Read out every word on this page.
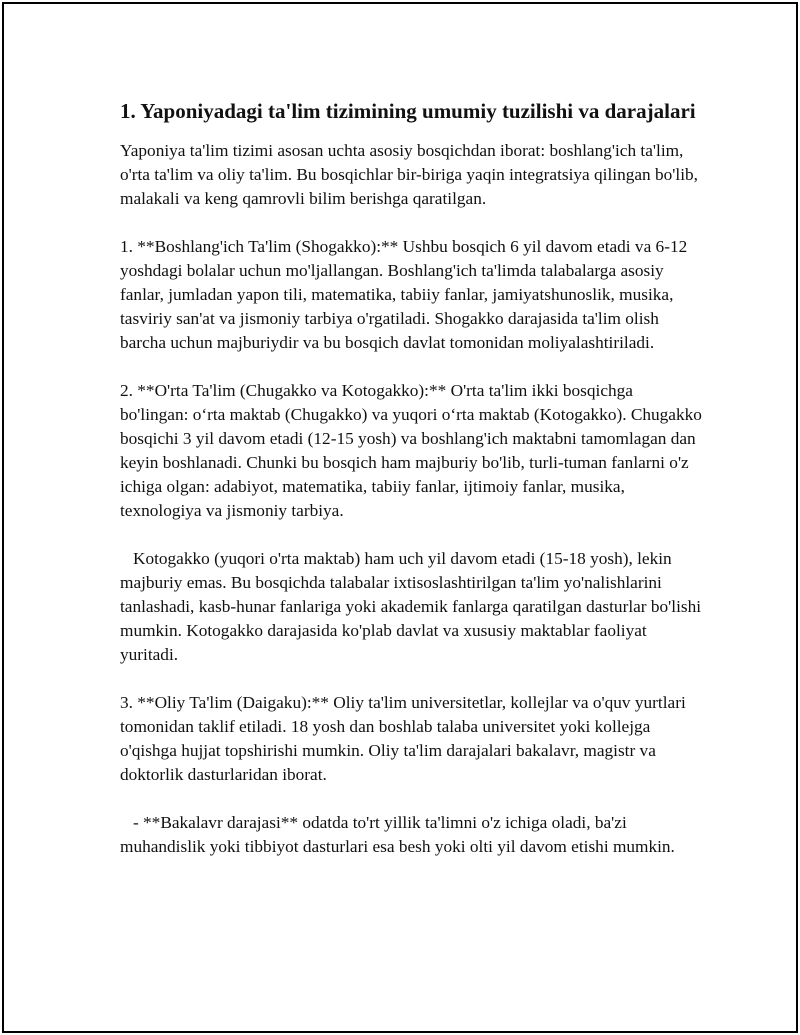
1. Yaponiyadagi ta'lim tizimining umumiy tuzilishi va darajalari

Yaponiya ta'lim tizimi asosan uchta asosiy bosqichdan iborat: boshlang'ich ta'lim, o'rta ta'lim va oliy ta'lim. Bu bosqichlar bir-biriga yaqin integratsiya qilingan bo'lib, malakali va keng qamrovli bilim berishga qaratilgan.

1. **Boshlang'ich Ta'lim (Shogakko):** Ushbu bosqich 6 yil davom etadi va 6-12 yoshdagi bolalar uchun mo'ljallangan. Boshlang'ich ta'limda talabalarga asosiy fanlar, jumladan yapon tili, matematika, tabiiy fanlar, jamiyatshunoslik, musika, tasviriy san'at va jismoniy tarbiya o'rgatiladi. Shogakko darajasida ta'lim olish barcha uchun majburiydir va bu bosqich davlat tomonidan moliyalashtiriladi.

2. **O'rta Ta'lim (Chugakko va Kotogakko):** O'rta ta'lim ikki bosqichga bo'lingan: o‘rta maktab (Chugakko) va yuqori o‘rta maktab (Kotogakko). Chugakko bosqichi 3 yil davom etadi (12-15 yosh) va boshlang'ich maktabni tamomlagan dan keyin boshlanadi. Chunki bu bosqich ham majburiy bo'lib, turli-tuman fanlarni o'z ichiga olgan: adabiyot, matematika, tabiiy fanlar, ijtimoiy fanlar, musika, texnologiya va jismoniy tarbiya.

Kotogakko (yuqori o'rta maktab) ham uch yil davom etadi (15-18 yosh), lekin majburiy emas. Bu bosqichda talabalar ixtisoslashtirilgan ta'lim yo'nalishlarini tanlashadi, kasb-hunar fanlariga yoki akademik fanlarga qaratilgan dasturlar bo'lishi mumkin. Kotogakko darajasida ko'plab davlat va xususiy maktablar faoliyat yuritadi.

3. **Oliy Ta'lim (Daigaku):** Oliy ta'lim universitetlar, kollejlar va o'quv yurtlari tomonidan taklif etiladi. 18 yosh dan boshlab talaba universitet yoki kollejga o'qishga hujjat topshirishi mumkin. Oliy ta'lim darajalari bakalavr, magistr va doktorlik dasturlaridan iborat.

- **Bakalavr darajasi** odatda to'rt yillik ta'limni o'z ichiga oladi, ba'zi muhandislik yoki tibbiyot dasturlari esa besh yoki olti yil davom etishi mumkin.
